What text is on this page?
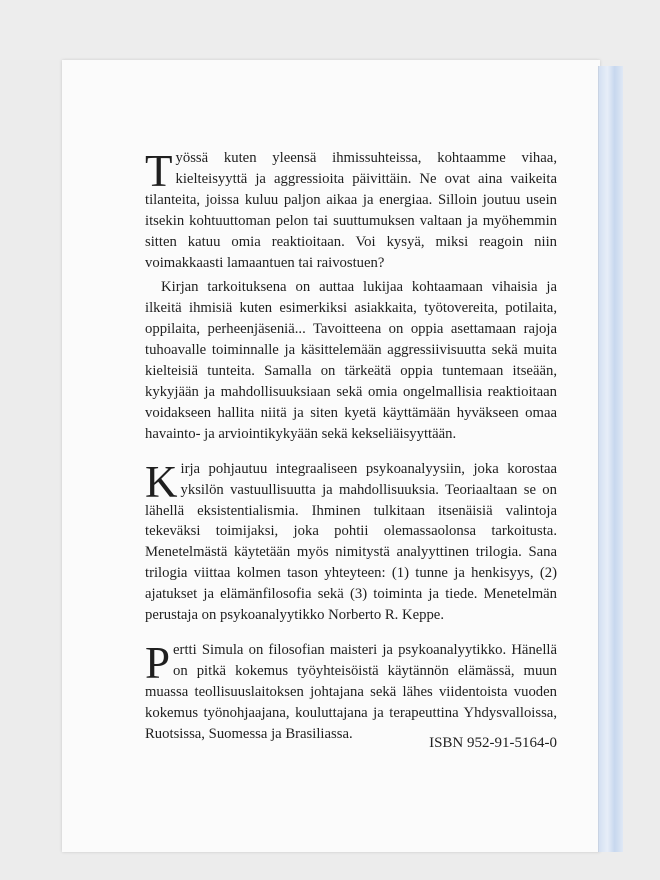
Työssä kuten yleensä ihmissuhteissa, kohtaamme vihaa, kielteisyyttä ja aggressioita päivittäin. Ne ovat aina vaikeita tilanteita, joissa kuluu paljon aikaa ja energiaa. Silloin joutuu usein itsekin kohtuuttoman pelon tai suuttumuksen valtaan ja myöhemmin sitten katuu omia reaktioitaan. Voi kysyä, miksi reagoin niin voimakkaasti lamaantuen tai raivostuen?

Kirjan tarkoituksena on auttaa lukijaa kohtaamaan vihaisia ja ilkeitä ihmisiä kuten esimerkiksi asiakkaita, työtovereita, potilaita, oppilaita, perheenjäseniä... Tavoitteena on oppia asettamaan rajoja tuhoavalle toiminnalle ja käsittelemään aggressiivisuutta sekä muita kielteisiä tunteita. Samalla on tärkeätä oppia tuntemaan itseään, kykyjään ja mahdollisuuksiaan sekä omia ongelmallisia reaktioitaan voidakseen hallita niitä ja siten kyetä käyttämään hyväkseen omaa havainto- ja arviointikykyään sekä kekseliäisyyttään.

Kirja pohjautuu integraaliseen psykoanalyysiin, joka korostaa yksilön vastuullisuutta ja mahdollisuuksia. Teoriaaltaan se on lähellä eksistentialismia. Ihminen tulkitaan itsenäisiä valintoja tekeväksi toimijaksi, joka pohtii olemassaolonsa tarkoitusta. Menetelmästä käytetään myös nimitystä analyyttinen trilogia. Sana trilogia viittaa kolmen tason yhteyteen: (1) tunne ja henkisyys, (2) ajatukset ja elämänfilosofia sekä (3) toiminta ja tiede. Menetelmän perustaja on psykoanalyytikko Norberto R. Keppe.

Pertti Simula on filosofian maisteri ja psykoanalyytikko. Hänellä on pitkä kokemus työyhteisöistä käytännön elämässä, muun muassa teollisuuslaitoksen johtajana sekä lähes viidentoista vuoden kokemus työnohjaajana, kouluttajana ja terapeuttina Yhdysvalloissa, Ruotsissa, Suomessa ja Brasiliassa.

ISBN 952-91-5164-0
